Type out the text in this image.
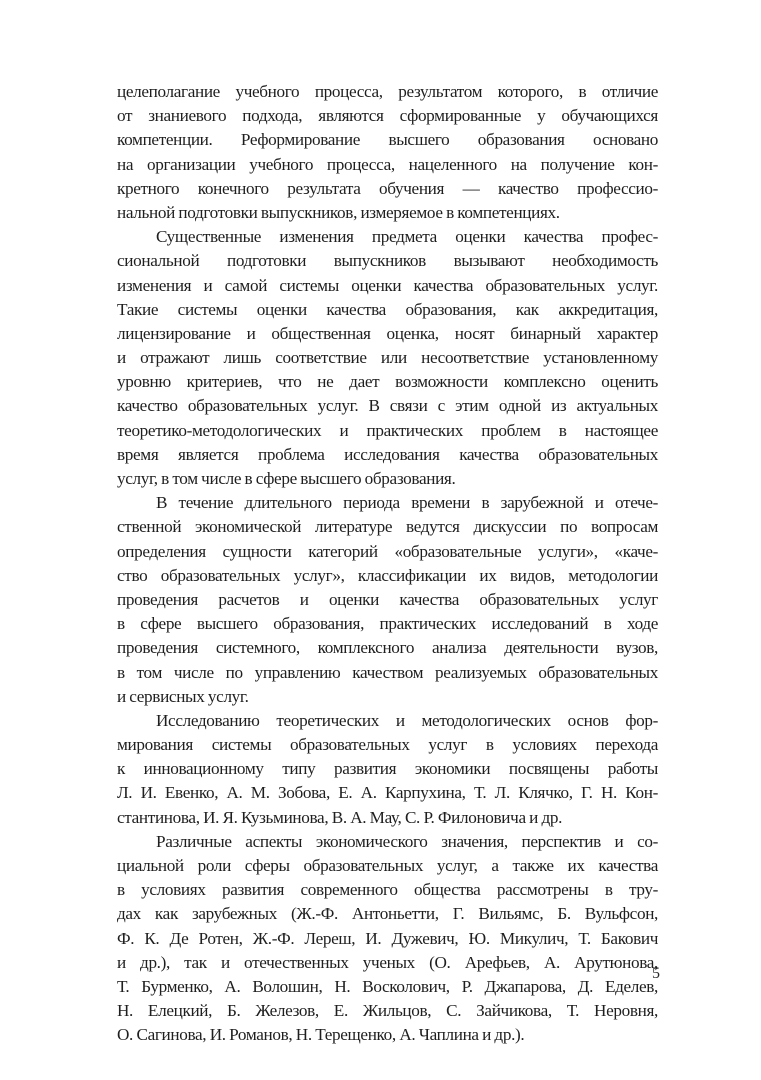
целеполагание учебного процесса, результатом которого, в отличие
от знаниевого подхода, являются сформированные у обучающихся
компетенции. Реформирование высшего образования основано
на организации учебного процесса, нацеленного на получение кон-
кретного конечного результата обучения — качество профессио-
нальной подготовки выпускников, измеряемое в компетенциях.
Существенные изменения предмета оценки качества профес-
сиональной подготовки выпускников вызывают необходимость
изменения и самой системы оценки качества образовательных услуг.
Такие системы оценки качества образования, как аккредитация,
лицензирование и общественная оценка, носят бинарный характер
и отражают лишь соответствие или несоответствие установленному
уровню критериев, что не дает возможности комплексно оценить
качество образовательных услуг. В связи с этим одной из актуальных
теоретико-методологических и практических проблем в настоящее
время является проблема исследования качества образовательных
услуг, в том числе в сфере высшего образования.
В течение длительного периода времени в зарубежной и отече-
ственной экономической литературе ведутся дискуссии по вопросам
определения сущности категорий «образовательные услуги», «каче-
ство образовательных услуг», классификации их видов, методологии
проведения расчетов и оценки качества образовательных услуг
в сфере высшего образования, практических исследований в ходе
проведения системного, комплексного анализа деятельности вузов,
в том числе по управлению качеством реализуемых образовательных
и сервисных услуг.
Исследованию теоретических и методологических основ фор-
мирования системы образовательных услуг в условиях перехода
к инновационному типу развития экономики посвящены работы
Л. И. Евенко, А. М. Зобова, Е. А. Карпухина, Т. Л. Клячко, Г. Н. Кон-
стантинова, И. Я. Кузьминова, В. А. Мау, С. Р. Филоновича и др.
Различные аспекты экономического значения, перспектив и со-
циальной роли сферы образовательных услуг, а также их качества
в условиях развития современного общества рассмотрены в тру-
дах как зарубежных (Ж.-Ф. Антоньетти, Г. Вильямс, Б. Вульфсон,
Ф. К. Де Ротен, Ж.-Ф. Лереш, И. Дужевич, Ю. Микулич, Т. Бакович
и др.), так и отечественных ученых (О. Арефьев, А. Арутюнова,
Т. Бурменко, А. Волошин, Н. Восколович, Р. Джапарова, Д. Еделев,
Н. Елецкий, Б. Железов, Е. Жильцов, С. Зайчикова, Т. Неровня,
О. Сагинова, И. Романов, Н. Терещенко, А. Чаплина и др.).
5
